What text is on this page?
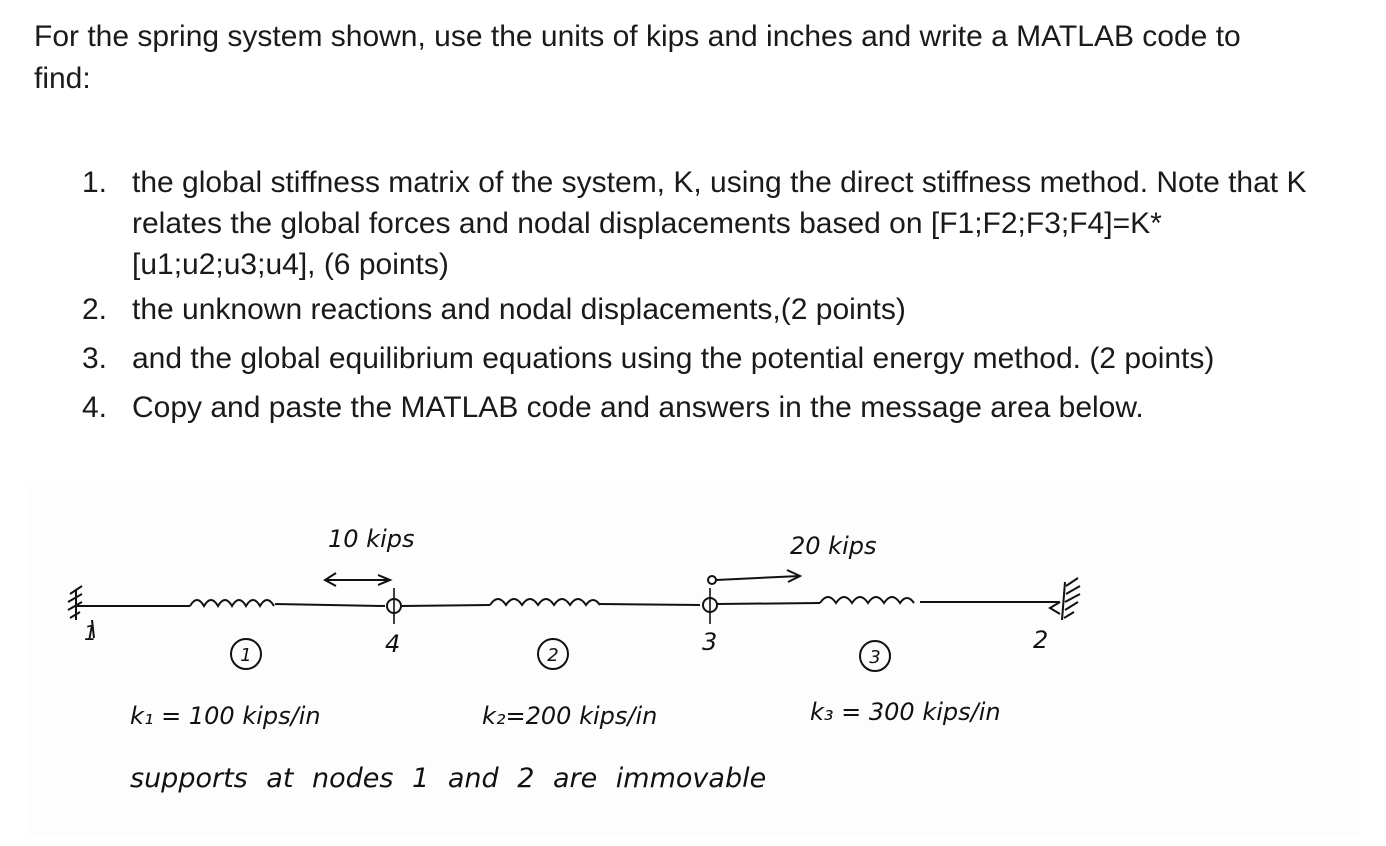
For the spring system shown, use the units of kips and inches and write a MATLAB code to find:

1. the global stiffness matrix of the system, K, using the direct stiffness method. Note that K relates the global forces and nodal displacements based on [F1;F2;F3;F4]=K*[u1;u2;u3;u4], (6 points)
2. the unknown reactions and nodal displacements,(2 points)
3. and the global equilibrium equations using the potential energy method. (2 points)
4. Copy and paste the MATLAB code and answers in the message area below.
10 kips	20 kips
1	4	3	2
1	2	3
k₁ = 100 kips/in	k₂=200 kips/in	k₃ = 300 kips/in
supports at nodes 1 and 2 are immovable
